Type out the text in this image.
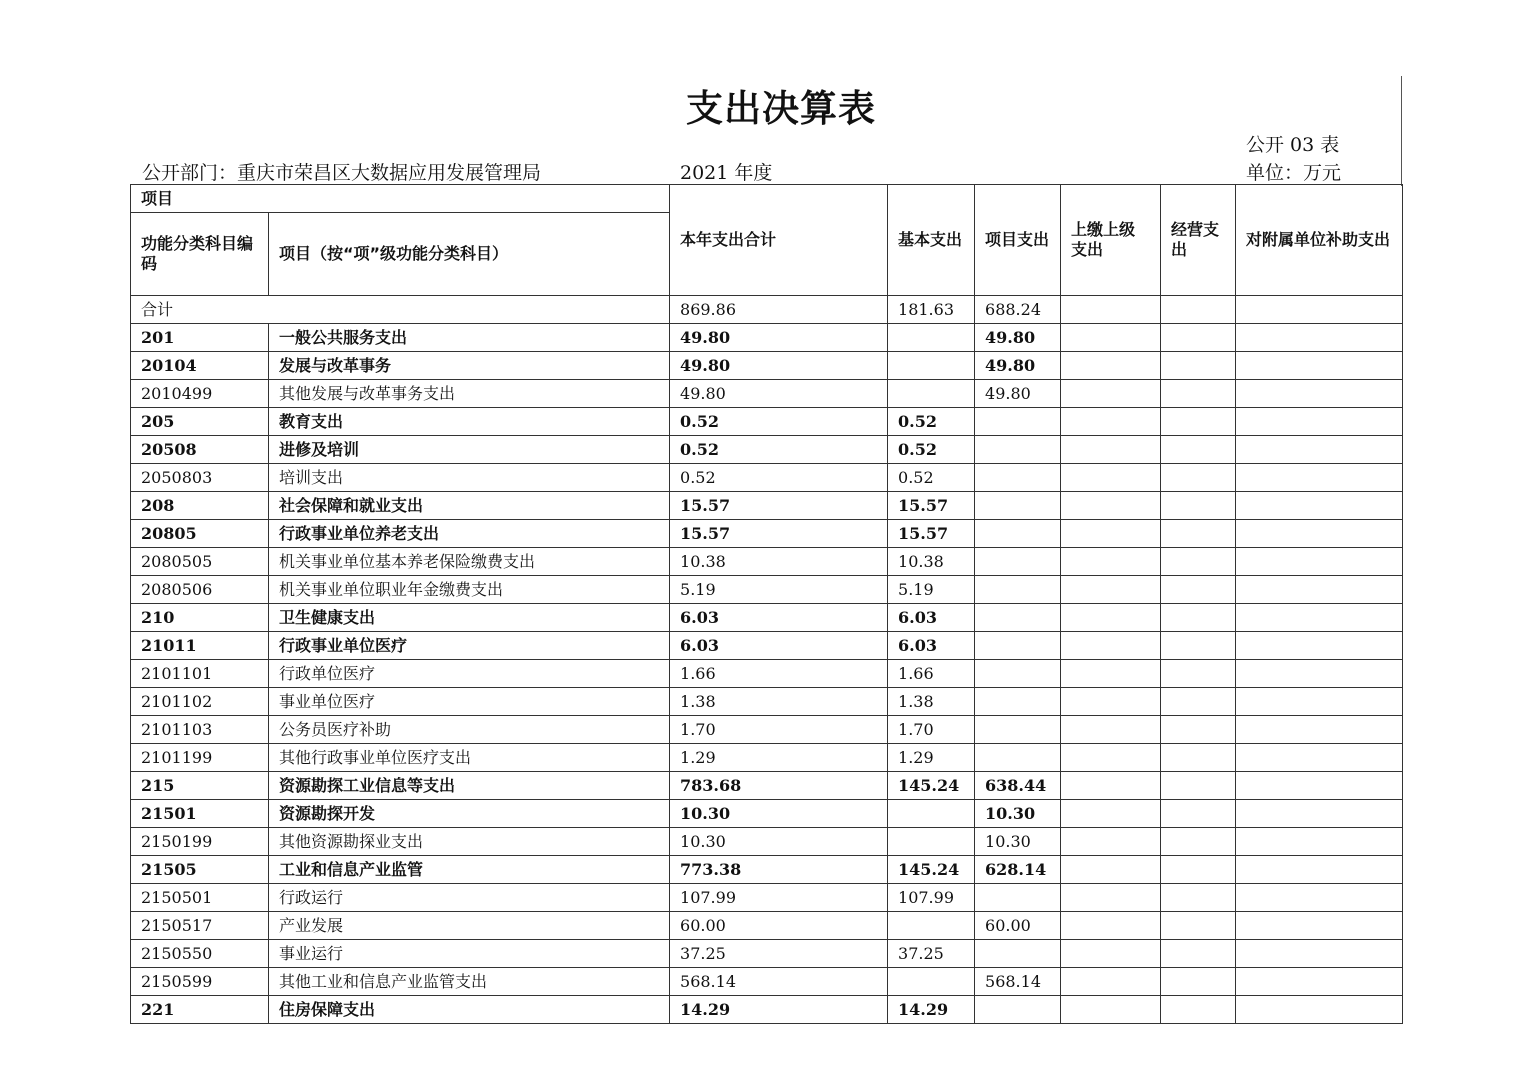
支出决算表
公开 03 表
公开部门：重庆市荣昌区大数据应用发展管理局	2021 年度	单位：万元
项目		本年支出合计	基本支出	项目支出	上缴上级支出	经营支出	对附属单位补助支出
功能分类科目编码	项目（按“项”级功能分类科目）						
合计		869.86	181.63	688.24			
201	一般公共服务支出	49.80		49.80			
20104	发展与改革事务	49.80		49.80			
2010499	其他发展与改革事务支出	49.80		49.80			
205	教育支出	0.52	0.52				
20508	进修及培训	0.52	0.52				
2050803	培训支出	0.52	0.52				
208	社会保障和就业支出	15.57	15.57				
20805	行政事业单位养老支出	15.57	15.57				
2080505	机关事业单位基本养老保险缴费支出	10.38	10.38				
2080506	机关事业单位职业年金缴费支出	5.19	5.19				
210	卫生健康支出	6.03	6.03				
21011	行政事业单位医疗	6.03	6.03				
2101101	行政单位医疗	1.66	1.66				
2101102	事业单位医疗	1.38	1.38				
2101103	公务员医疗补助	1.70	1.70				
2101199	其他行政事业单位医疗支出	1.29	1.29				
215	资源勘探工业信息等支出	783.68	145.24	638.44			
21501	资源勘探开发	10.30		10.30			
2150199	其他资源勘探业支出	10.30		10.30			
21505	工业和信息产业监管	773.38	145.24	628.14			
2150501	行政运行	107.99	107.99				
2150517	产业发展	60.00		60.00			
2150550	事业运行	37.25	37.25				
2150599	其他工业和信息产业监管支出	568.14		568.14			
221	住房保障支出	14.29	14.29				
